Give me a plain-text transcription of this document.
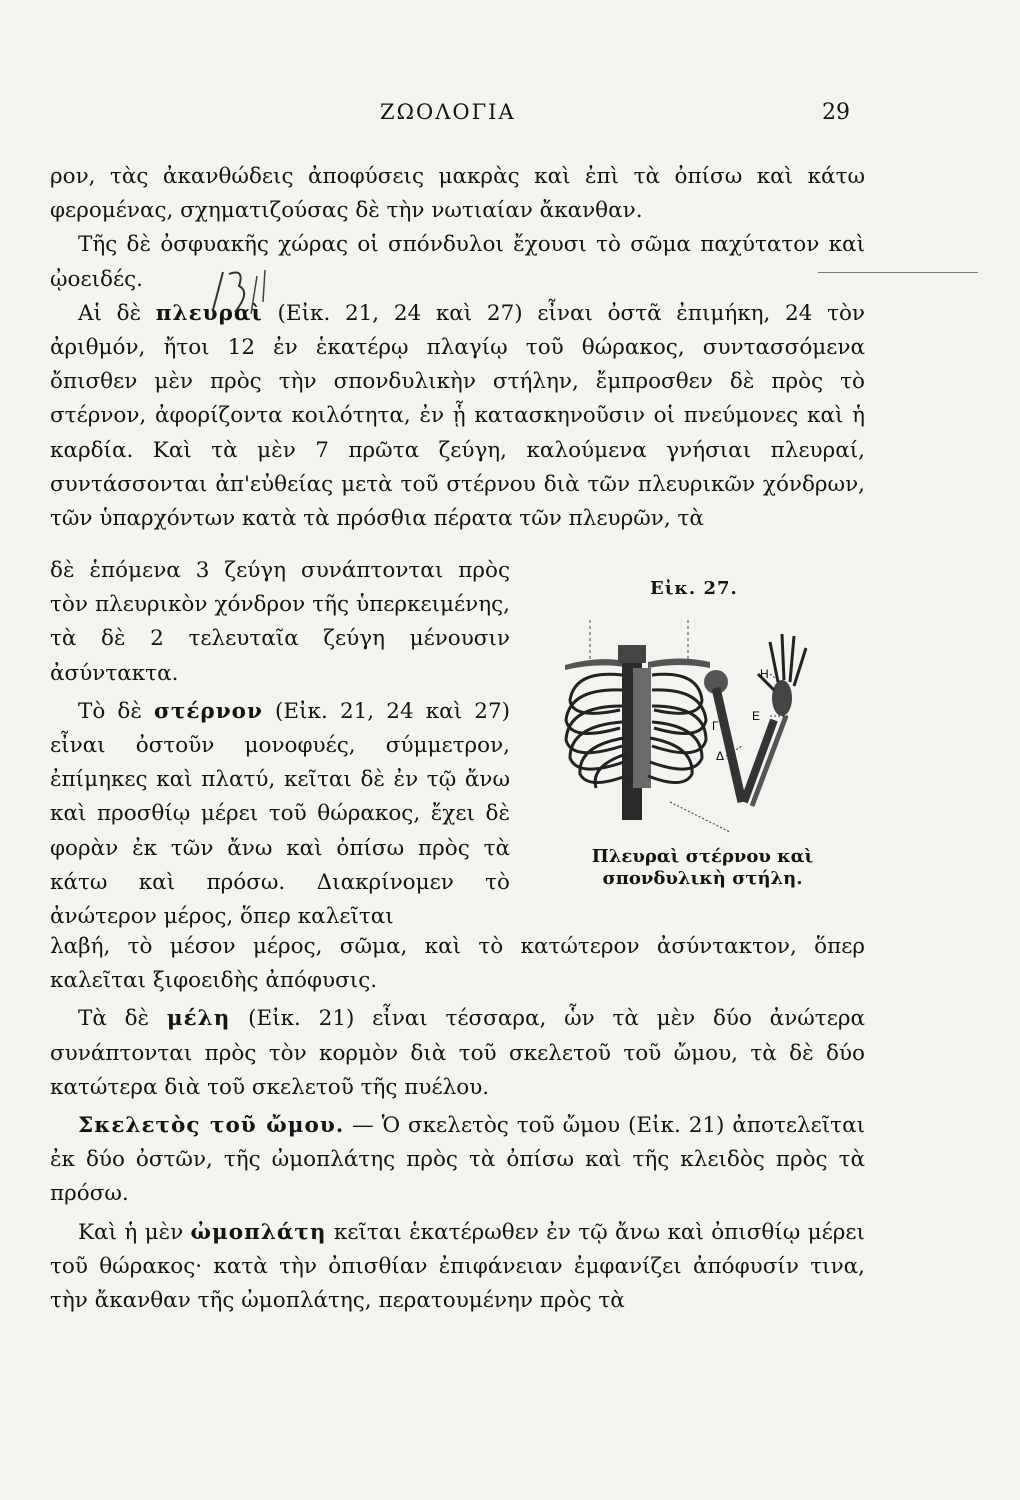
ΖΩΟΛΟΓΙΑ	29

ρον, τὰς ἀκανθώδεις ἀποφύσεις μακρὰς καὶ ἐπὶ τὰ ὀπίσω καὶ κάτω φερομένας, σχηματιζούσας δὲ τὴν νωτιαίαν ἄκανθαν.

Τῆς δὲ ὀσφυακῆς χώρας οἱ σπόνδυλοι ἔχουσι τὸ σῶμα παχύτατον καὶ ᾠοειδές.

Αἱ δὲ πλευραὶ (Εἰκ. 21, 24 καὶ 27) εἶναι ὀστᾶ ἐπιμήκη, 24 τὸν ἀριθμόν, ἤτοι 12 ἐν ἑκατέρῳ πλαγίῳ τοῦ θώρακος, συντασσόμενα ὄπισθεν μὲν πρὸς τὴν σπονδυλικὴν στήλην, ἔμπροσθεν δὲ πρὸς τὸ στέρνον, ἀφορίζοντα κοιλότητα, ἐν ᾗ κατασκηνοῦσιν οἱ πνεύμονες καὶ ἡ καρδία. Καὶ τὰ μὲν 7 πρῶτα ζεύγη, καλούμενα γνήσιαι πλευραί, συντάσσονται ἀπ'εὐθείας μετὰ τοῦ στέρνου διὰ τῶν πλευρικῶν χόνδρων, τῶν ὑπαρχόντων κατὰ τὰ πρόσθια πέρατα τῶν πλευρῶν, τὰ

δὲ ἑπόμενα 3 ζεύγη συνάπτονται πρὸς τὸν πλευρικὸν χόνδρον τῆς ὑπερκειμένης, τὰ δὲ 2 τελευταῖα ζεύγη μένουσιν ἀσύντακτα.

Τὸ δὲ στέρνον (Εἰκ. 21, 24 καὶ 27) εἶναι ὀστοῦν μονοφυές, σύμμετρον, ἐπίμηκες καὶ πλατύ, κεῖται δὲ ἐν τῷ ἄνω καὶ προσθίῳ μέρει τοῦ θώρακος, ἔχει δὲ φορὰν ἐκ τῶν ἄνω καὶ ὀπίσω πρὸς τὰ κάτω καὶ πρόσω. Διακρίνομεν τὸ ἀνώτερον μέρος, ὅπερ καλεῖται

Εἰκ. 27.
Η
Ε
Γ
Δ
Πλευραὶ στέρνου καὶ σπονδυλικὴ στήλη.

λαβή, τὸ μέσον μέρος, σῶμα, καὶ τὸ κατώτερον ἀσύντακτον, ὅπερ καλεῖται ξιφοειδὴς ἀπόφυσις.

Τὰ δὲ μέλη (Εἰκ. 21) εἶναι τέσσαρα, ὧν τὰ μὲν δύο ἀνώτερα συνάπτονται πρὸς τὸν κορμὸν διὰ τοῦ σκελετοῦ τοῦ ὤμου, τὰ δὲ δύο κατώτερα διὰ τοῦ σκελετοῦ τῆς πυέλου.

Σκελετὸς τοῦ ὤμου. — Ὁ σκελετὸς τοῦ ὤμου (Εἰκ. 21) ἀποτελεῖται ἐκ δύο ὀστῶν, τῆς ὠμοπλάτης πρὸς τὰ ὀπίσω καὶ τῆς κλειδὸς πρὸς τὰ πρόσω.

Καὶ ἡ μὲν ὠμοπλάτη κεῖται ἑκατέρωθεν ἐν τῷ ἄνω καὶ ὀπισθίῳ μέρει τοῦ θώρακος· κατὰ τὴν ὀπισθίαν ἐπιφάνειαν ἐμφανίζει ἀπόφυσίν τινα, τὴν ἄκανθαν τῆς ὠμοπλάτης, περατουμένην πρὸς τὰ
